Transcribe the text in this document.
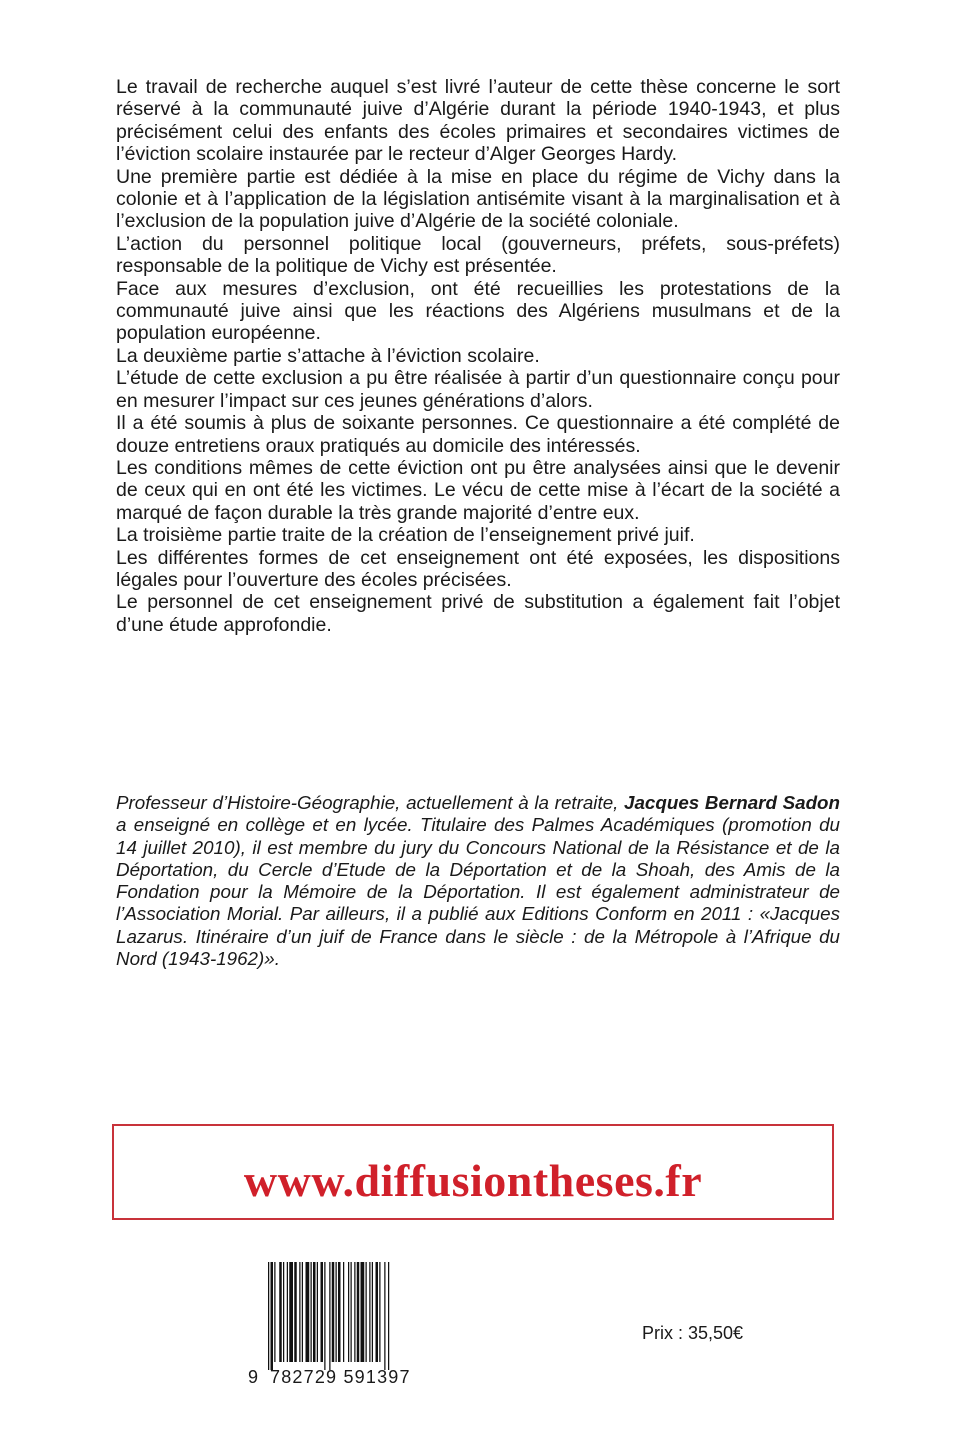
Le travail de recherche auquel s’est livré l’auteur de cette thèse concerne le sort réservé à la communauté juive d’Algérie durant la période 1940-1943, et plus précisément celui des enfants des écoles primaires et secondaires victimes de l’éviction scolaire instaurée par le recteur d’Alger Georges Hardy.

Une première partie est dédiée à la mise en place du régime de Vichy dans la colonie et à l’application de la législation antisémite visant à la marginalisation et à l’exclusion de la population juive d’Algérie de la société coloniale.

L’action du personnel politique local (gouverneurs, préfets, sous-préfets) responsable de la politique de Vichy est présentée.

Face aux mesures d’exclusion, ont été recueillies les protestations de la communauté juive ainsi que les réactions des Algériens musulmans et de la population européenne.

La deuxième partie s’attache à l’éviction scolaire.

L’étude de cette exclusion a pu être réalisée à partir d’un questionnaire conçu pour en mesurer l’impact sur ces jeunes générations d’alors.

Il a été soumis à plus de soixante personnes. Ce questionnaire a été complété de douze entretiens oraux pratiqués au domicile des intéressés.

Les conditions mêmes de cette éviction ont pu être analysées ainsi que le devenir de ceux qui en ont été les victimes. Le vécu de cette mise à l’écart de la société a marqué de façon durable la très grande majorité d’entre eux.

La troisième partie traite de la création de l’enseignement privé juif.

Les différentes formes de cet enseignement ont été exposées, les dispositions légales pour l’ouverture des écoles précisées.

Le personnel de cet enseignement privé de substitution a également fait l’objet d’une étude approfondie.

Professeur d’Histoire-Géographie, actuellement à la retraite, Jacques Bernard Sadon a enseigné en collège et en lycée. Titulaire des Palmes Académiques (promotion du 14 juillet 2010), il est membre du jury du Concours National de la Résistance et de la Déportation, du Cercle d’Etude de la Déportation et de la Shoah, des Amis de la Fondation pour la Mémoire de la Déportation. Il est également administrateur de l’Association Morial. Par ailleurs, il a publié aux Editions Conform en 2011 : «Jacques Lazarus. Itinéraire d’un juif de France dans le siècle : de la Métropole à l’Afrique du Nord (1943-1962)».

www.diffusiontheses.fr
9 782729 591397
Prix : 35,50€
